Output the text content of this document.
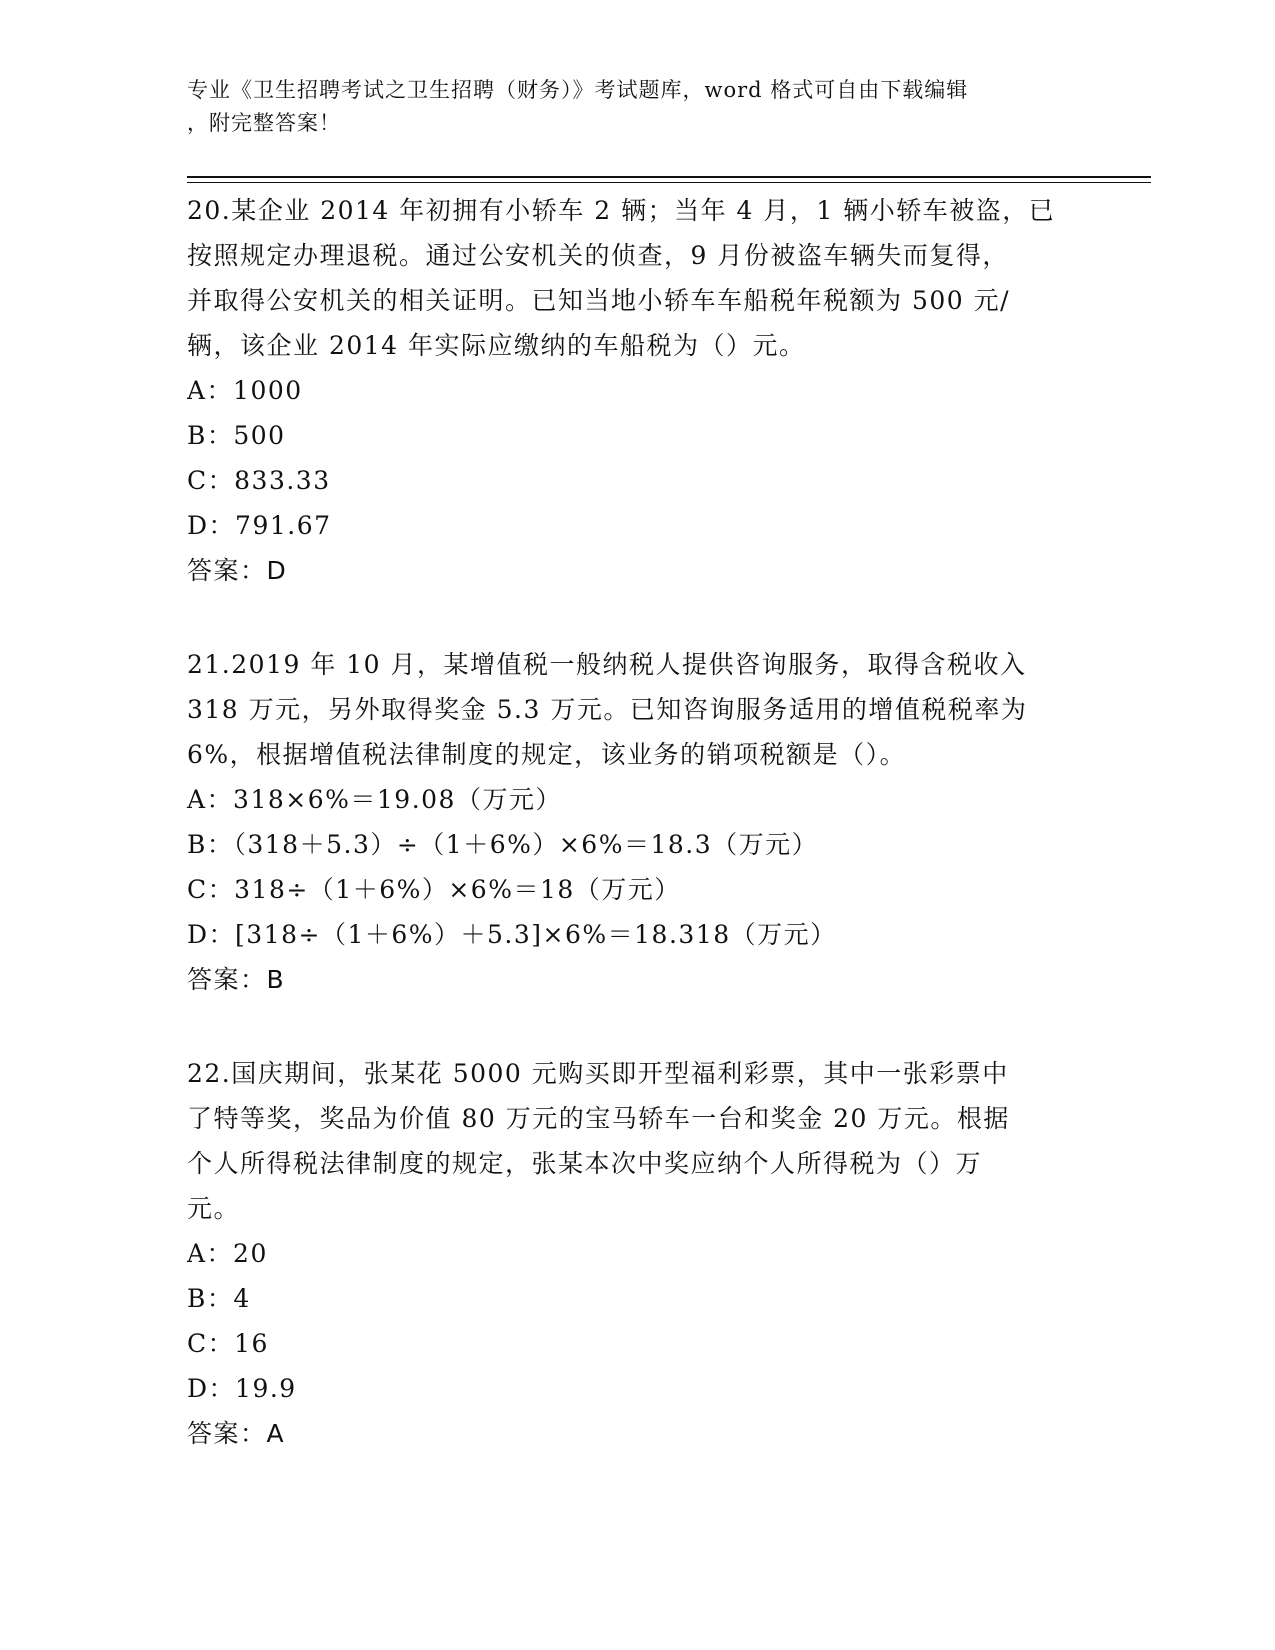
专业《卫生招聘考试之卫生招聘（财务）》考试题库，word 格式可自由下载编辑
，附完整答案！
20.某企业 2014 年初拥有小轿车 2 辆；当年 4 月，1 辆小轿车被盗，已
按照规定办理退税。通过公安机关的侦查，9 月份被盗车辆失而复得，
并取得公安机关的相关证明。已知当地小轿车车船税年税额为 500 元/
辆，该企业 2014 年实际应缴纳的车船税为（）元。
A：1000
B：500
C：833.33
D：791.67
答案：D
21.2019 年 10 月，某增值税一般纳税人提供咨询服务，取得含税收入
318 万元，另外取得奖金 5.3 万元。已知咨询服务适用的增值税税率为
6%，根据增值税法律制度的规定，该业务的销项税额是（）。
A：318×6%＝19.08（万元）
B：（318＋5.3）÷（1＋6%）×6%＝18.3（万元）
C：318÷（1＋6%）×6%＝18（万元）
D：[318÷（1＋6%）＋5.3]×6%＝18.318（万元）
答案：B
22.国庆期间，张某花 5000 元购买即开型福利彩票，其中一张彩票中
了特等奖，奖品为价值 80 万元的宝马轿车一台和奖金 20 万元。根据
个人所得税法律制度的规定，张某本次中奖应纳个人所得税为（）万
元。
A：20
B：4
C：16
D：19.9
答案：A
